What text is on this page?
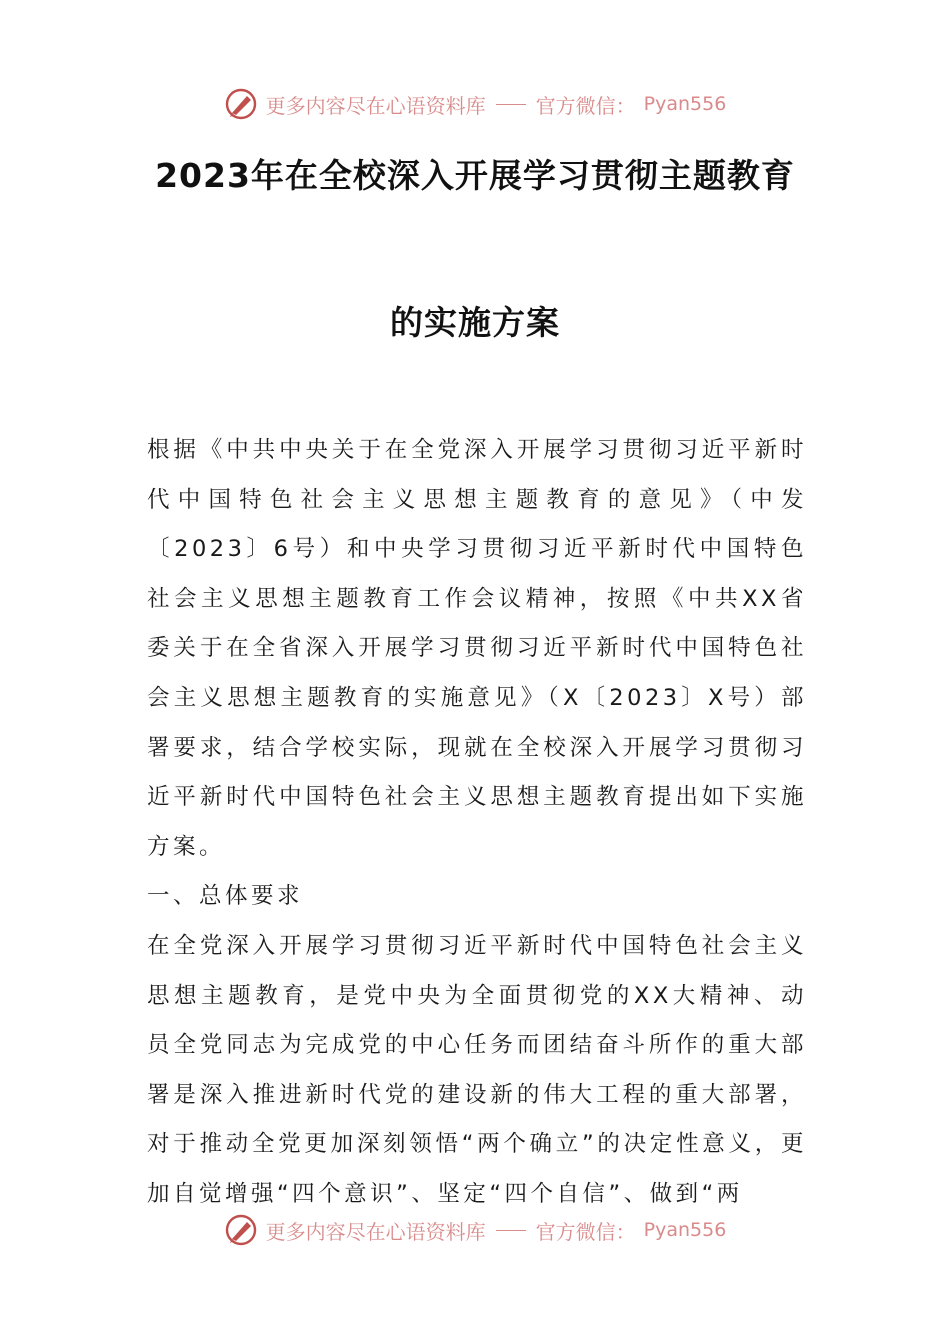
更多内容尽在心语资料库	官方微信： Pyan556
2023年在全校深入开展学习贯彻主题教育
的实施方案

根据《中共中央关于在全党深入开展学习贯彻习近平新时代中国特色社会主义思想主题教育的意见》（中发〔2023〕6号）和中央学习贯彻习近平新时代中国特色社会主义思想主题教育工作会议精神，按照《中共XX省委关于在全省深入开展学习贯彻习近平新时代中国特色社会主义思想主题教育的实施意见》（X〔2023〕X号）部署要求，结合学校实际，现就在全校深入开展学习贯彻习近平新时代中国特色社会主义思想主题教育提出如下实施方案。

一、总体要求

在全党深入开展学习贯彻习近平新时代中国特色社会主义思想主题教育，是党中央为全面贯彻党的XX大精神、动员全党同志为完成党的中心任务而团结奋斗所作的重大部署是深入推进新时代党的建设新的伟大工程的重大部署，对于推动全党更加深刻领悟“两个确立”的决定性意义，更加自觉增强“四个意识”、坚定“四个自信”、做到“两

更多内容尽在心语资料库	官方微信： Pyan556
